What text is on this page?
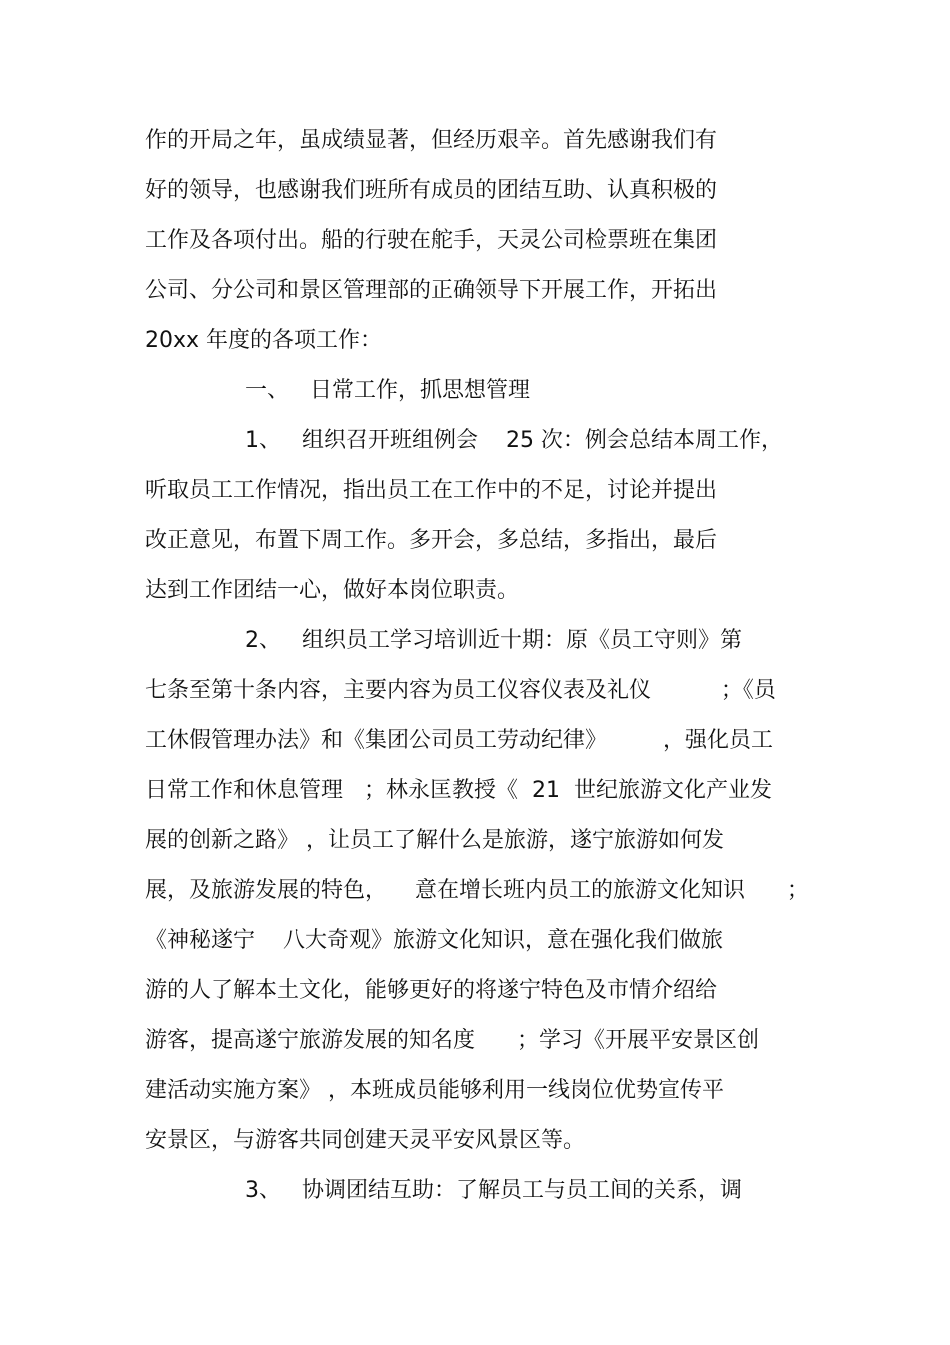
作的开局之年，虽成绩显著，但经历艰辛。首先感谢我们有
好的领导，也感谢我们班所有成员的团结互助、认真积极的
工作及各项付出。船的行驶在舵手，天灵公司检票班在集团
公司、分公司和景区管理部的正确领导下开展工作，开拓出
20xx 年度的各项工作：
一、   日常工作，抓思想管理
1、   组织召开班组例会    25 次：例会总结本周工作，
听取员工工作情况，指出员工在工作中的不足，讨论并提出
改正意见，布置下周工作。多开会，多总结，多指出，最后
达到工作团结一心，做好本岗位职责。
2、   组织员工学习培训近十期：原《员工守则》第
七条至第十条内容，主要内容为员工仪容仪表及礼仪          ；《员
工休假管理办法》和《集团公司员工劳动纪律》        ，强化员工
日常工作和休息管理   ；林永匡教授《  21  世纪旅游文化产业发
展的创新之路》 ，让员工了解什么是旅游，遂宁旅游如何发
展，及旅游发展的特色，    意在增长班内员工的旅游文化知识      ；
《神秘遂宁    八大奇观》旅游文化知识，意在强化我们做旅
游的人了解本土文化，能够更好的将遂宁特色及市情介绍给
游客，提高遂宁旅游发展的知名度      ；学习《开展平安景区创
建活动实施方案》 ，本班成员能够利用一线岗位优势宣传平
安景区，与游客共同创建天灵平安风景区等。
3、   协调团结互助：了解员工与员工间的关系，调
